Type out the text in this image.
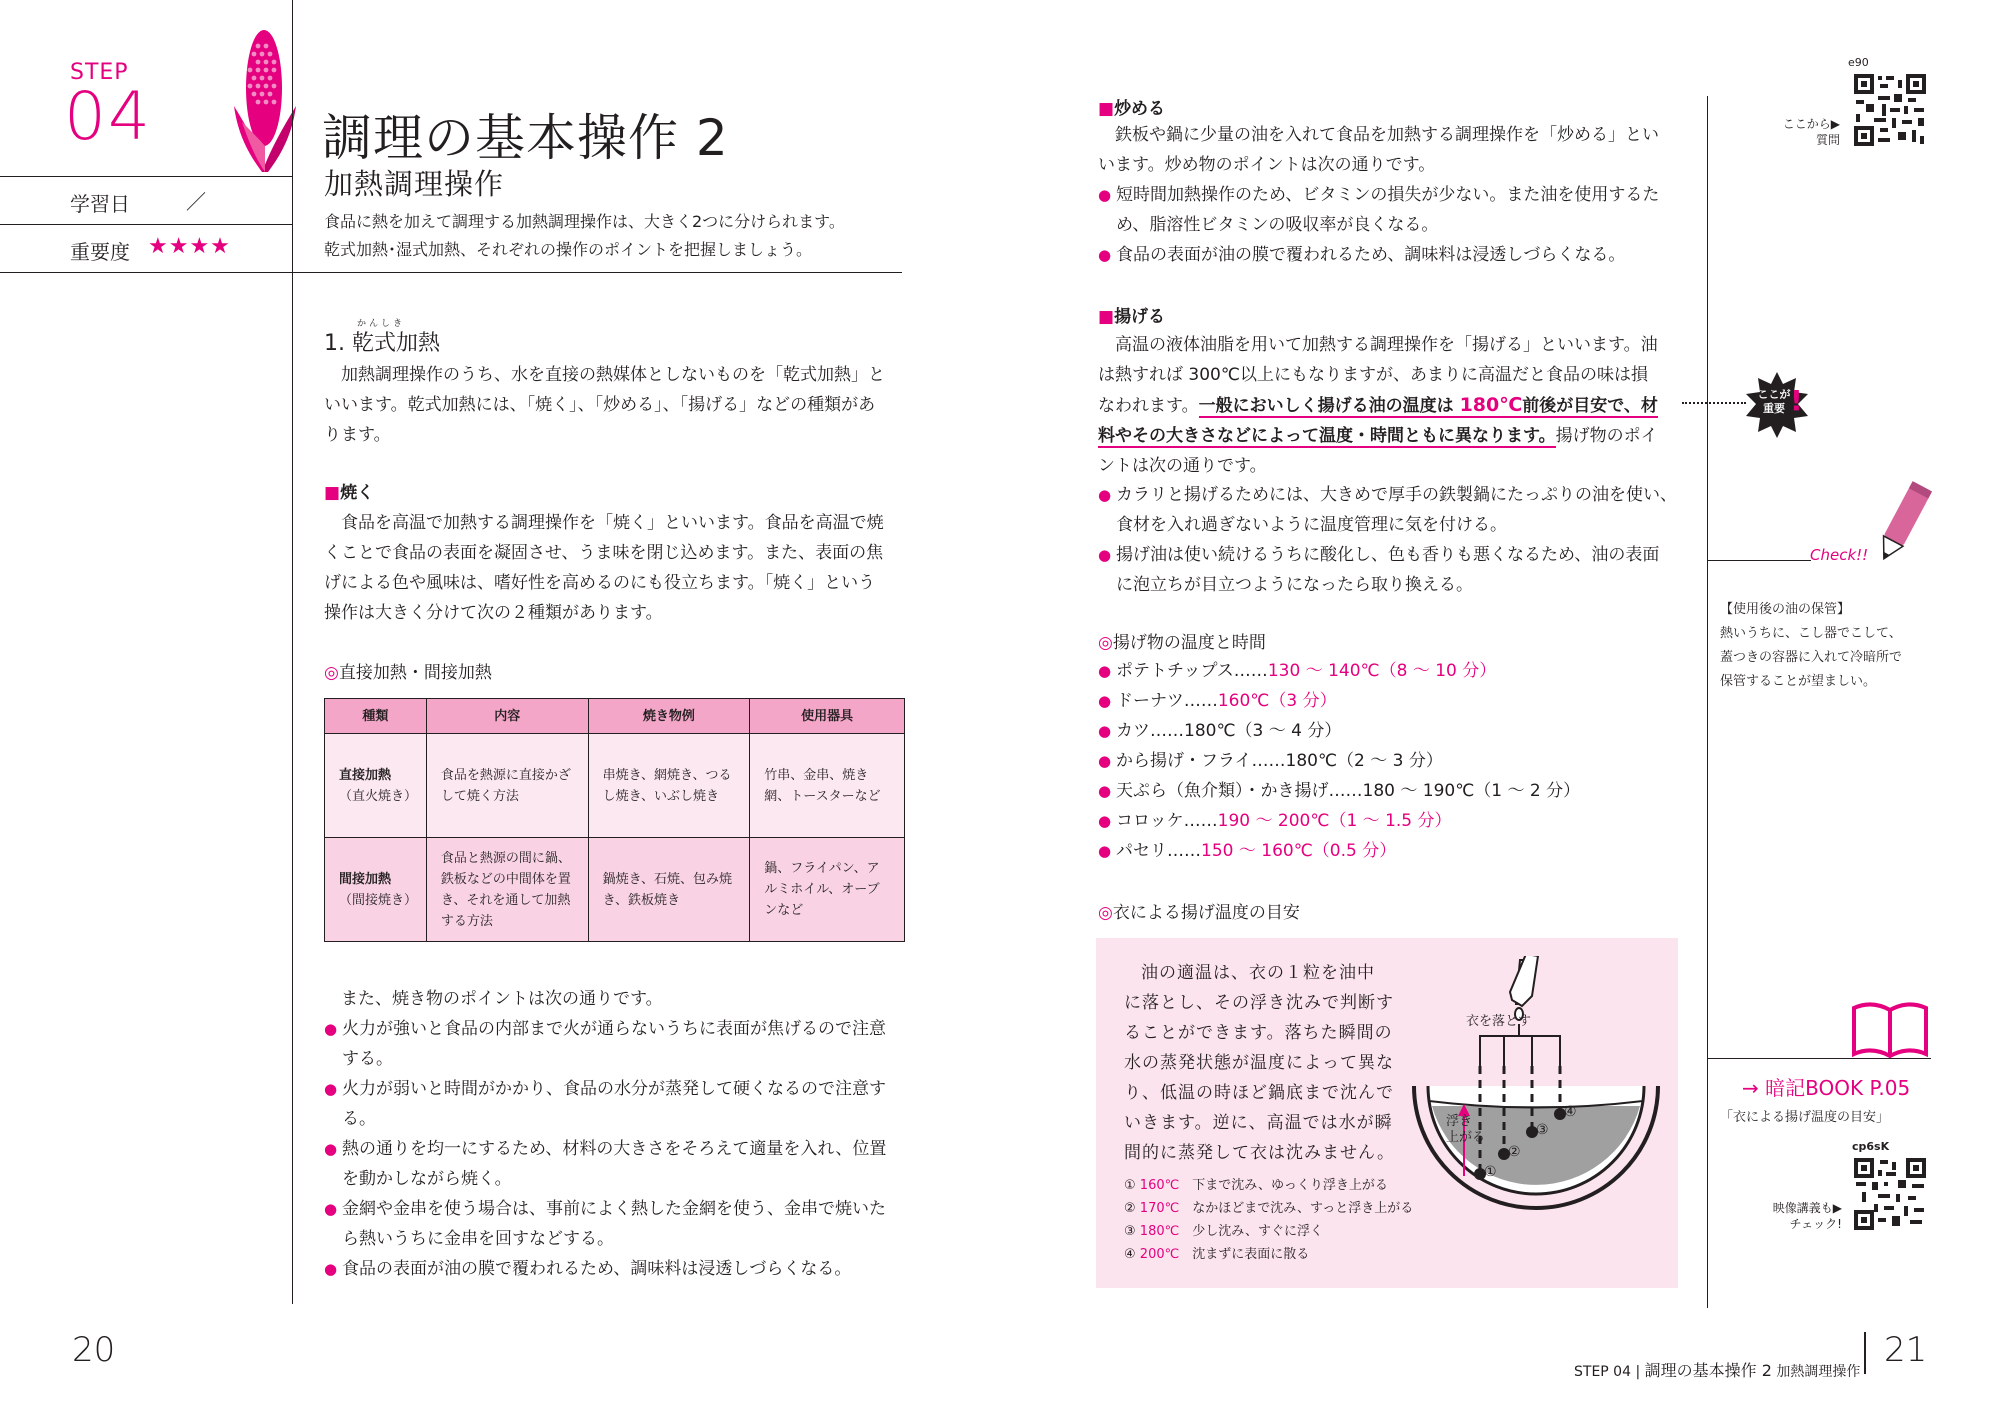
STEP
04
学習日	／
重要度 ★★★★
調理の基本操作 2
加熱調理操作
食品に熱を加えて調理する加熱調理操作は、大きく2つに分けられます。
乾式加熱･湿式加熱、それぞれの操作のポイントを把握しましょう。
かんしき
1. 乾式加熱
加熱調理操作のうち、水を直接の熱媒体としないものを「乾式加熱」と
いいます。乾式加熱には、「焼く」、「炒める」、「揚げる」などの種類があ
ります。
■焼く
食品を高温で加熱する調理操作を「焼く」といいます。食品を高温で焼
くことで食品の表面を凝固させ、うま味を閉じ込めます。また、表面の焦
げによる色や風味は、嗜好性を高めるのにも役立ちます。「焼く」という
操作は大きく分けて次の２種類があります。
◎直接加熱・間接加熱
種類	内容	焼き物例	使用器具

直接加熱
（直火焼き）	食品を熱源に直接かざして焼く方法	串焼き、網焼き、つるし焼き、いぶし焼き	竹串、金串、焼き網、トースターなど

間接加熱
（間接焼き）	食品と熱源の間に鍋、鉄板などの中間体を置き、それを通して加熱する方法	鍋焼き、石焼、包み焼き、鉄板焼き	鍋、フライパン、アルミホイル、オーブンなど
また、焼き物のポイントは次の通りです。
● 火力が強いと食品の内部まで火が通らないうちに表面が焦げるので注意
する。
● 火力が弱いと時間がかかり、食品の水分が蒸発して硬くなるので注意す
る。
● 熱の通りを均一にするため、材料の大きさをそろえて適量を入れ、位置
を動かしながら焼く。
● 金網や金串を使う場合は、事前によく熱した金網を使う、金串で焼いた
ら熱いうちに金串を回すなどする。
● 食品の表面が油の膜で覆われるため、調味料は浸透しづらくなる。
20
■炒める
鉄板や鍋に少量の油を入れて食品を加熱する調理操作を「炒める」とい
います。炒め物のポイントは次の通りです。
● 短時間加熱操作のため、ビタミンの損失が少ない。また油を使用するた
め、脂溶性ビタミンの吸収率が良くなる。
● 食品の表面が油の膜で覆われるため、調味料は浸透しづらくなる。
■揚げる
高温の液体油脂を用いて加熱する調理操作を「揚げる」といいます。油
は熱すれば 300℃以上にもなりますが、あまりに高温だと食品の味は損
なわれます。一般においしく揚げる油の温度は 180℃前後が目安で、材
料やその大きさなどによって温度・時間ともに異なります。揚げ物のポイ
ントは次の通りです。
● カラリと揚げるためには、大きめで厚手の鉄製鍋にたっぷりの油を使い、
食材を入れ過ぎないように温度管理に気を付ける。
● 揚げ油は使い続けるうちに酸化し、色も香りも悪くなるため、油の表面
に泡立ちが目立つようになったら取り換える。
◎揚げ物の温度と時間
● ポテトチップス……130 ～ 140℃（8 ～ 10 分）
● ドーナツ……160℃（3 分）
● カツ……180℃（3 ～ 4 分）
● から揚げ・フライ……180℃（2 ～ 3 分）
● 天ぷら（魚介類）・かき揚げ……180 ～ 190℃（1 ～ 2 分）
● コロッケ……190 ～ 200℃（1 ～ 1.5 分）
● パセリ……150 ～ 160℃（0.5 分）
◎衣による揚げ温度の目安
油の適温は、衣の１粒を油中
に落とし、その浮き沈みで判断す
ることができます。落ちた瞬間の
水の蒸発状態が温度によって異な
り、低温の時ほど鍋底まで沈んで
いきます。逆に、高温では水が瞬
間的に蒸発して衣は沈みません。
衣を落とす
浮き
上がる
①
②
③
④
① 160℃　 下まで沈み、ゆっくり浮き上がる
② 170℃　 なかほどまで沈み、すっと浮き上がる
③ 180℃　 少し沈み、すぐに浮く
④ 200℃　 沈まずに表面に散る
e90
ここから▶
質問
ここが
重要 !
Check!!
【使用後の油の保管】
熱いうちに、こし器でこして、
蓋つきの容器に入れて冷暗所で
保管することが望ましい。
→ 暗記BOOK P.05
「衣による揚げ温度の目安」
cp6sK
映像講義も▶
チェック!
STEP 04 | 調理の基本操作 2 加熱調理操作
21
